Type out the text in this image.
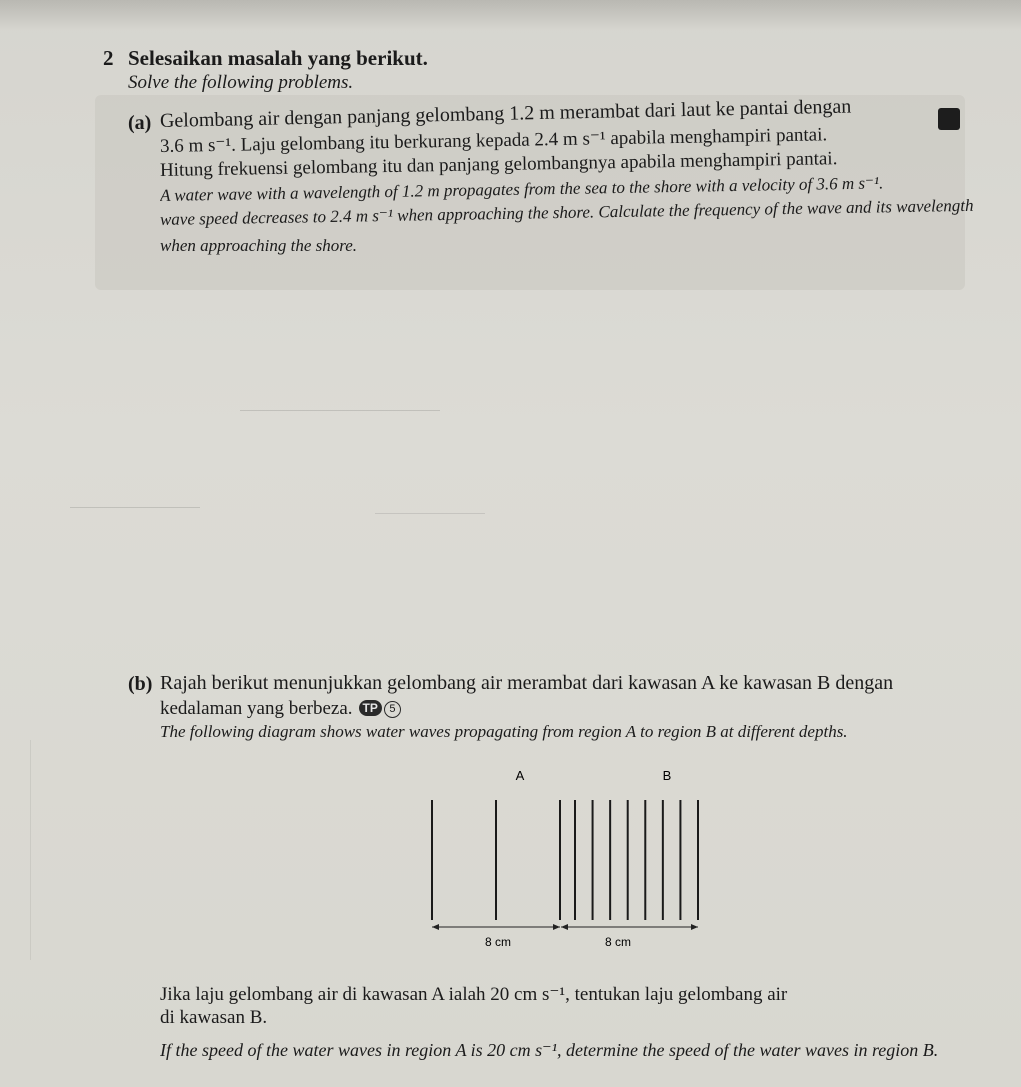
2 Selesaikan masalah yang berikut.
Solve the following problems.
(a) Gelombang air dengan panjang gelombang 1.2 m merambat dari laut ke pantai dengan
3.6 m s⁻¹. Laju gelombang itu berkurang kepada 2.4 m s⁻¹ apabila menghampiri pantai.
Hitung frekuensi gelombang itu dan panjang gelombangnya apabila menghampiri pantai.
A water wave with a wavelength of 1.2 m propagates from the sea to the shore with a velocity of 3.6 m s⁻¹.
wave speed decreases to 2.4 m s⁻¹ when approaching the shore. Calculate the frequency of the wave and its wavelength
when approaching the shore.
(b) Rajah berikut menunjukkan gelombang air merambat dari kawasan A ke kawasan B dengan
kedalaman yang berbeza. TP 5
The following diagram shows water waves propagating from region A to region B at different depths.
A	B
8 cm	8 cm
Jika laju gelombang air di kawasan A ialah 20 cm s⁻¹, tentukan laju gelombang air
di kawasan B.
If the speed of the water waves in region A is 20 cm s⁻¹, determine the speed of the water waves in region B.
